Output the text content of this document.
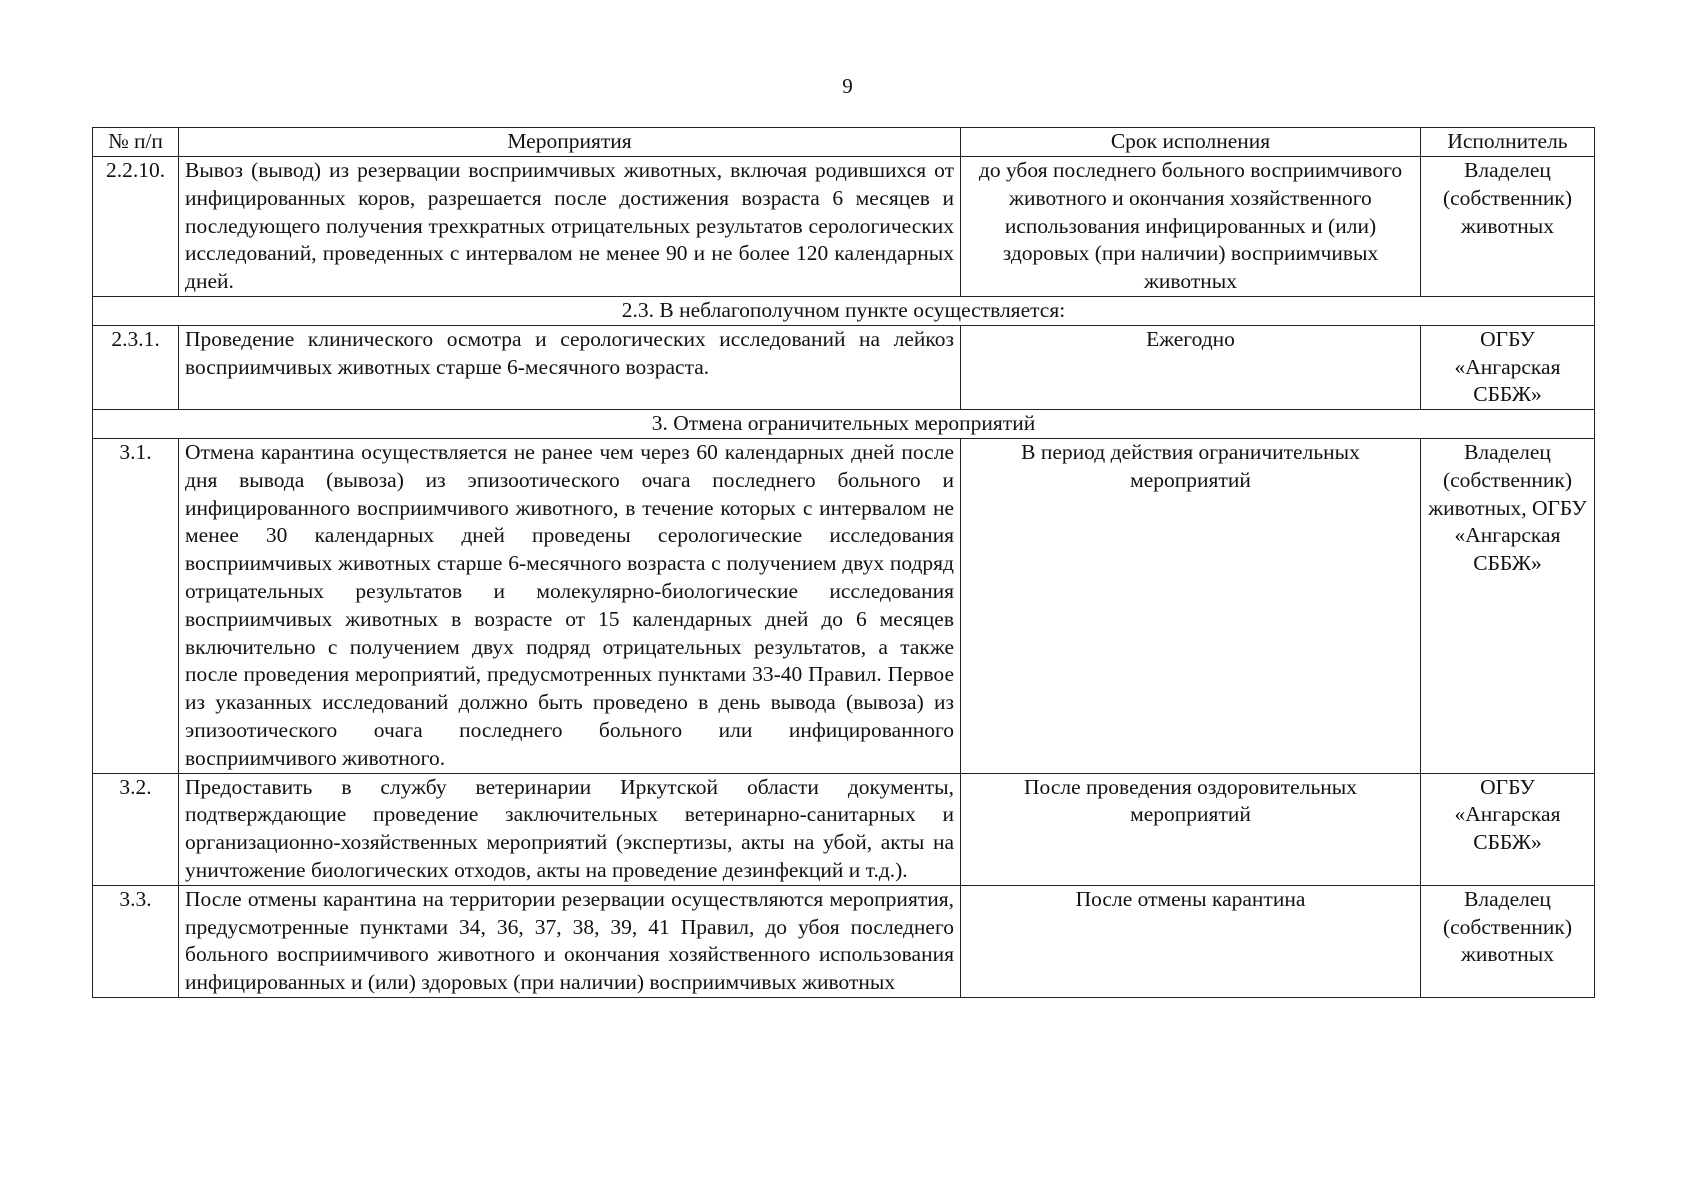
9
№ п/п	Мероприятия	Срок исполнения	Исполнитель
2.2.10.	Вывоз (вывод) из резервации восприимчивых животных, включая родившихся от инфицированных коров, разрешается после достижения возраста 6 месяцев и последующего получения трехкратных отрицательных результатов серологических исследований, проведенных с интервалом не менее 90 и не более 120 календарных дней.	до убоя последнего больного восприимчивого животного и окончания хозяйственного использования инфицированных и (или) здоровых (при наличии) восприимчивых животных	Владелец (собственник) животных
2.3. В неблагополучном пункте осуществляется:			
2.3.1.	Проведение клинического осмотра и серологических исследований на лейкоз восприимчивых животных старше 6-месячного возраста.	Ежегодно	ОГБУ «Ангарская СББЖ»
3. Отмена ограничительных мероприятий			
3.1.	Отмена карантина осуществляется не ранее чем через 60 календарных дней после дня вывода (вывоза) из эпизоотического очага последнего больного и инфицированного восприимчивого животного, в течение которых с интервалом не менее 30 календарных дней проведены серологические исследования восприимчивых животных старше 6-месячного возраста с получением двух подряд отрицательных результатов и молекулярно-биологические исследования восприимчивых животных в возрасте от 15 календарных дней до 6 месяцев включительно с получением двух подряд отрицательных результатов, а также после проведения мероприятий, предусмотренных пунктами 33-40 Правил. Первое из указанных исследований должно быть проведено в день вывода (вывоза) из эпизоотического очага последнего больного или инфицированного восприимчивого животного.	В период действия ограничительных мероприятий	Владелец (собственник) животных, ОГБУ «Ангарская СББЖ»
3.2.	Предоставить в службу ветеринарии Иркутской области документы, подтверждающие проведение заключительных ветеринарно-санитарных и организационно-хозяйственных мероприятий (экспертизы, акты на убой, акты на уничтожение биологических отходов, акты на проведение дезинфекций и т.д.).	После проведения оздоровительных мероприятий	ОГБУ «Ангарская СББЖ»
3.3.	После отмены карантина на территории резервации осуществляются мероприятия, предусмотренные пунктами 34, 36, 37, 38, 39, 41 Правил, до убоя последнего больного восприимчивого животного и окончания хозяйственного использования инфицированных и (или) здоровых (при наличии) восприимчивых животных	После отмены карантина	Владелец (собственник) животных
